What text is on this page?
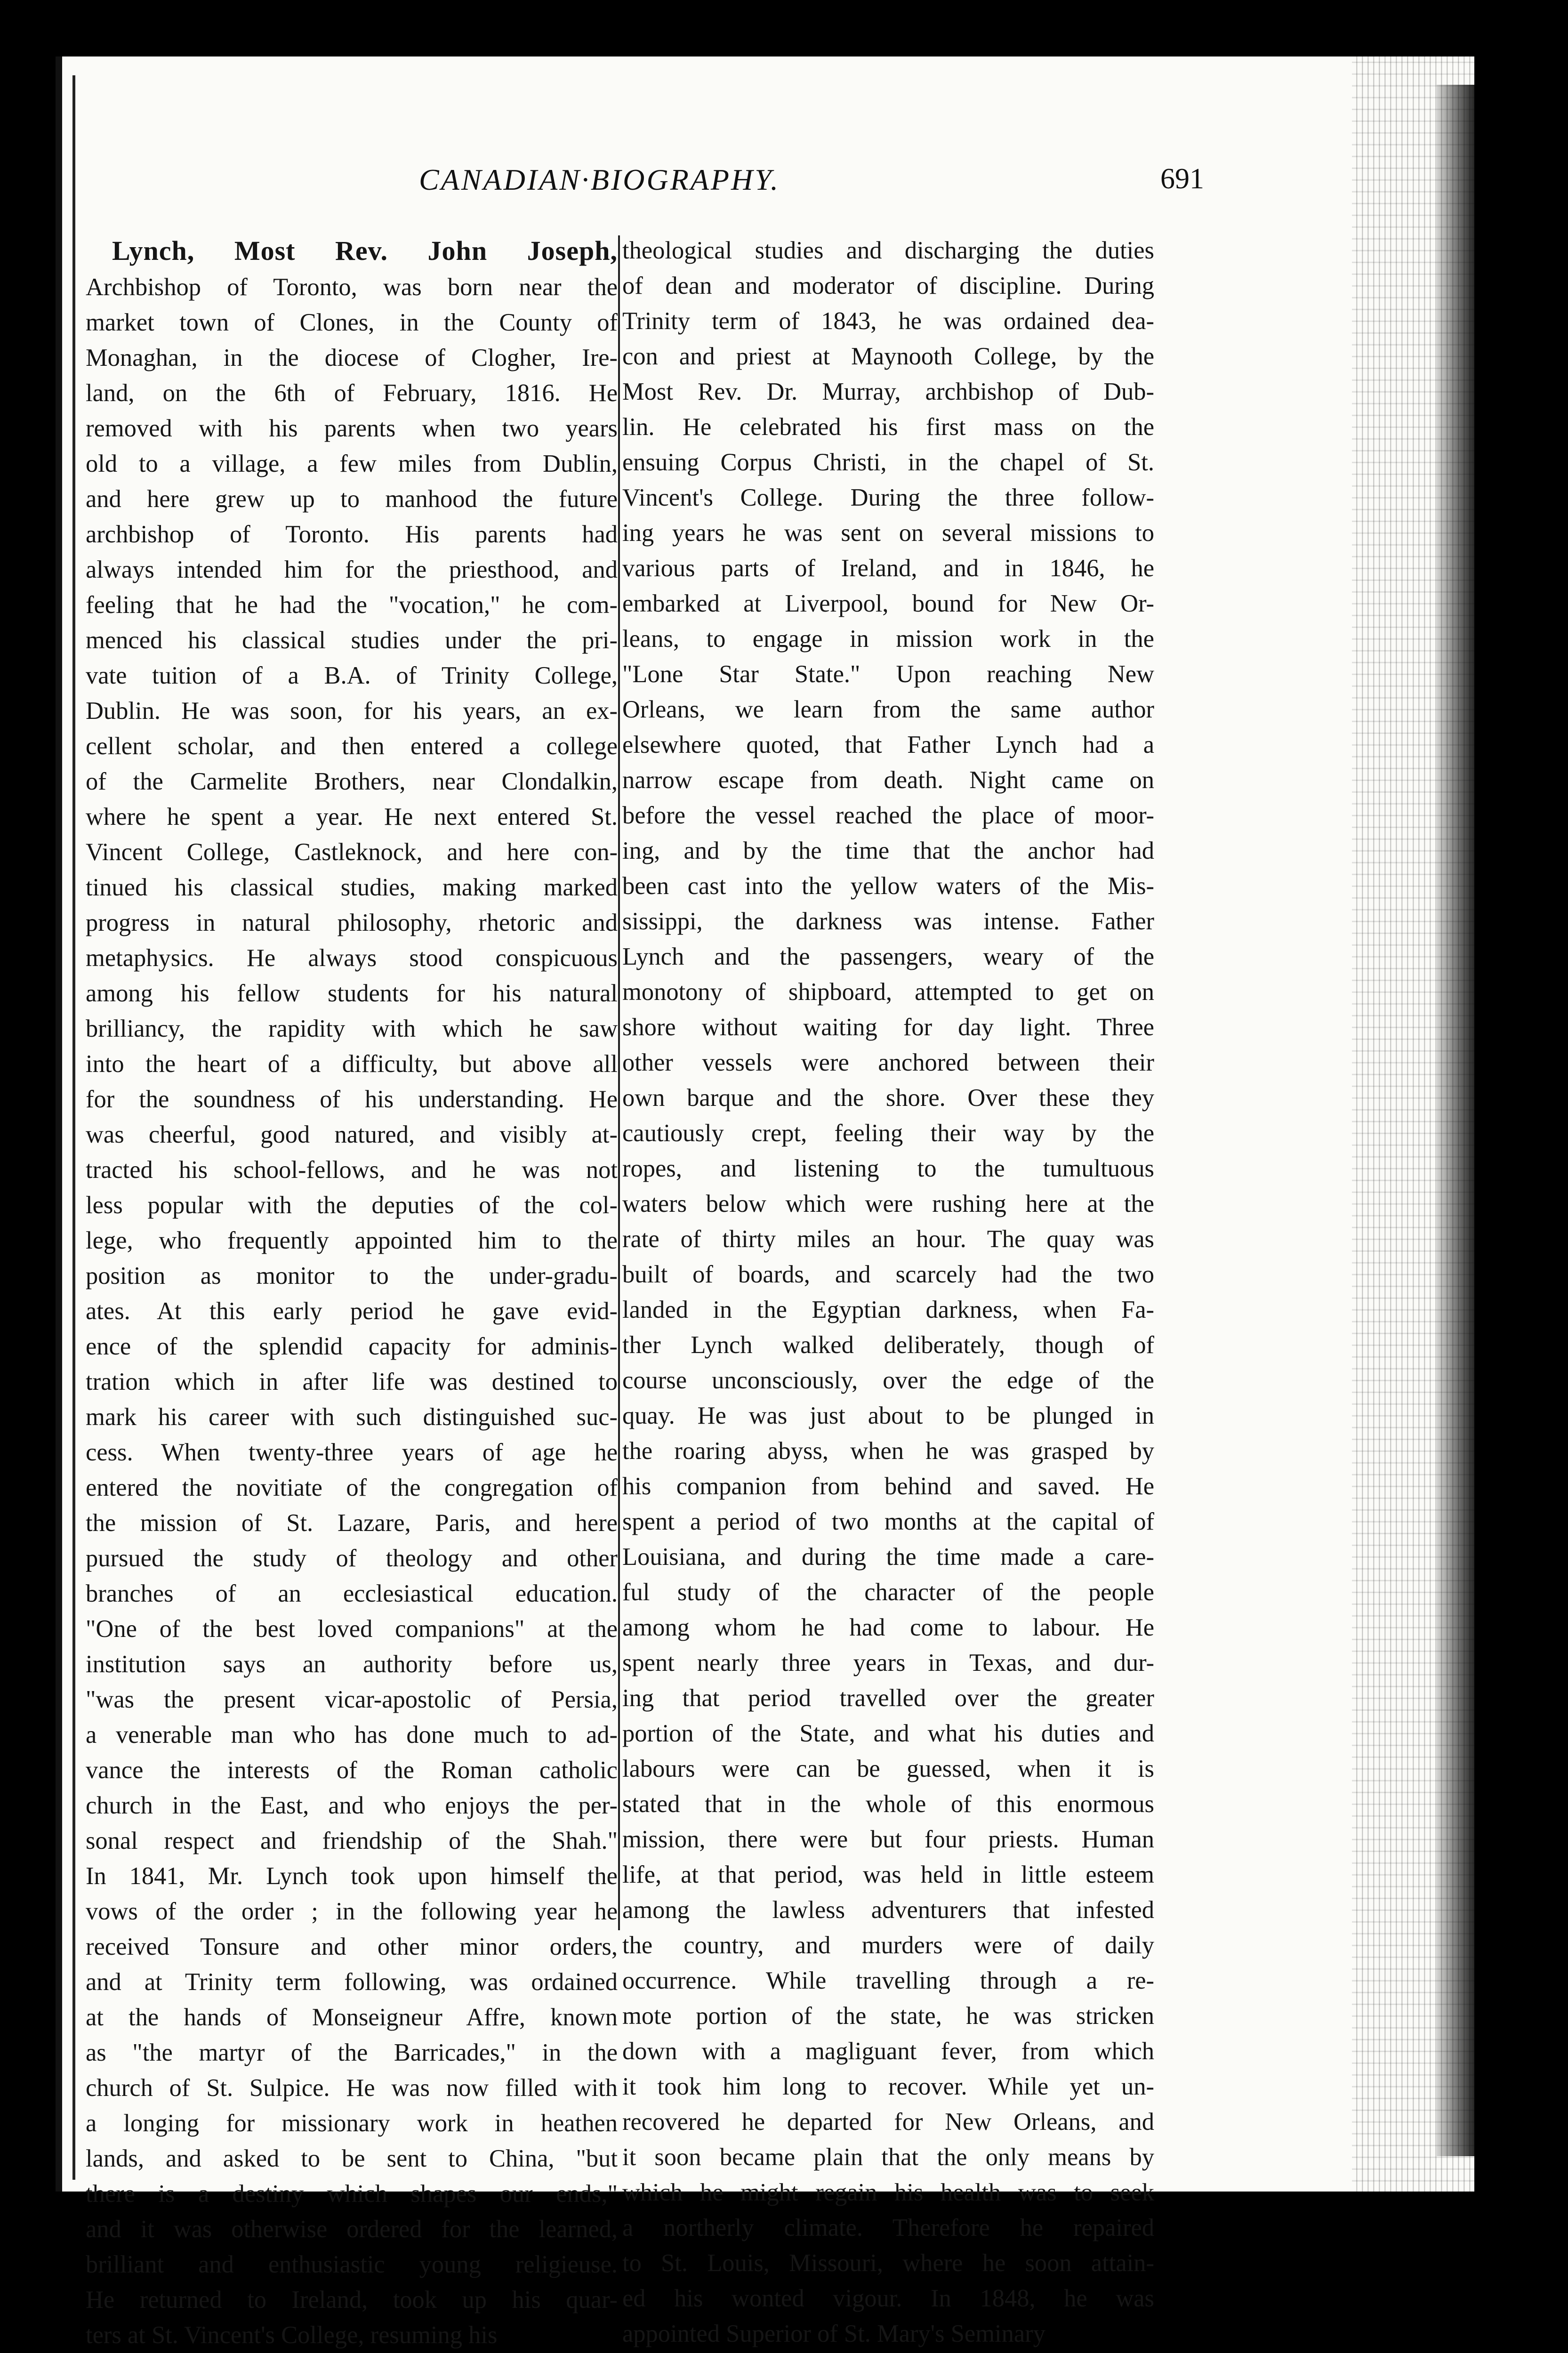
CANADIAN·BIOGRAPHY.	691

Lynch, Most Rev. John Joseph,

Archbishop of Toronto, was born near the

market town of Clones, in the County of

Monaghan, in the diocese of Clogher, Ire-

land, on the 6th of February, 1816. He

removed with his parents when two years

old to a village, a few miles from Dublin,

and here grew up to manhood the future

archbishop of Toronto. His parents had

always intended him for the priesthood, and

feeling that he had the "vocation," he com-

menced his classical studies under the pri-

vate tuition of a B.A. of Trinity College,

Dublin. He was soon, for his years, an ex-

cellent scholar, and then entered a college

of the Carmelite Brothers, near Clondalkin,

where he spent a year. He next entered St.

Vincent College, Castleknock, and here con-

tinued his classical studies, making marked

progress in natural philosophy, rhetoric and

metaphysics. He always stood conspicuous

among his fellow students for his natural

brilliancy, the rapidity with which he saw

into the heart of a difficulty, but above all

for the soundness of his understanding. He

was cheerful, good natured, and visibly at-

tracted his school-fellows, and he was not

less popular with the deputies of the col-

lege, who frequently appointed him to the

position as monitor to the under-gradu-

ates. At this early period he gave evid-

ence of the splendid capacity for adminis-

tration which in after life was destined to

mark his career with such distinguished suc-

cess. When twenty-three years of age he

entered the novitiate of the congregation of

the mission of St. Lazare, Paris, and here

pursued the study of theology and other

branches of an ecclesiastical education.

"One of the best loved companions" at the

institution says an authority before us,

"was the present vicar-apostolic of Persia,

a venerable man who has done much to ad-

vance the interests of the Roman catholic

church in the East, and who enjoys the per-

sonal respect and friendship of the Shah."

In 1841, Mr. Lynch took upon himself the

vows of the order ; in the following year he

received Tonsure and other minor orders,

and at Trinity term following, was ordained

at the hands of Monseigneur Affre, known

as "the martyr of the Barricades," in the

church of St. Sulpice. He was now filled with

a longing for missionary work in heathen

lands, and asked to be sent to China, "but

there is a destiny which shapes our ends,"

and it was otherwise ordered for the learned,

brilliant and enthusiastic young religieuse.

He returned to Ireland, took up his quar-

ters at St. Vincent's College, resuming his

theological studies and discharging the duties

of dean and moderator of discipline. During

Trinity term of 1843, he was ordained dea-

con and priest at Maynooth College, by the

Most Rev. Dr. Murray, archbishop of Dub-

lin. He celebrated his first mass on the

ensuing Corpus Christi, in the chapel of St.

Vincent's College. During the three follow-

ing years he was sent on several missions to

various parts of Ireland, and in 1846, he

embarked at Liverpool, bound for New Or-

leans, to engage in mission work in the

"Lone Star State." Upon reaching New

Orleans, we learn from the same author

elsewhere quoted, that Father Lynch had a

narrow escape from death. Night came on

before the vessel reached the place of moor-

ing, and by the time that the anchor had

been cast into the yellow waters of the Mis-

sissippi, the darkness was intense. Father

Lynch and the passengers, weary of the

monotony of shipboard, attempted to get on

shore without waiting for day light. Three

other vessels were anchored between their

own barque and the shore. Over these they

cautiously crept, feeling their way by the

ropes, and listening to the tumultuous

waters below which were rushing here at the

rate of thirty miles an hour. The quay was

built of boards, and scarcely had the two

landed in the Egyptian darkness, when Fa-

ther Lynch walked deliberately, though of

course unconsciously, over the edge of the

quay. He was just about to be plunged in

the roaring abyss, when he was grasped by

his companion from behind and saved. He

spent a period of two months at the capital of

Louisiana, and during the time made a care-

ful study of the character of the people

among whom he had come to labour. He

spent nearly three years in Texas, and dur-

ing that period travelled over the greater

portion of the State, and what his duties and

labours were can be guessed, when it is

stated that in the whole of this enormous

mission, there were but four priests. Human

life, at that period, was held in little esteem

among the lawless adventurers that infested

the country, and murders were of daily

occurrence. While travelling through a re-

mote portion of the state, he was stricken

down with a magliguant fever, from which

it took him long to recover. While yet un-

recovered he departed for New Orleans, and

it soon became plain that the only means by

which he might regain his health was to seek

a northerly climate. Therefore he repaired

to St. Louis, Missouri, where he soon attain-

ed his wonted vigour. In 1848, he was

appointed Superior of St. Mary's Seminary
